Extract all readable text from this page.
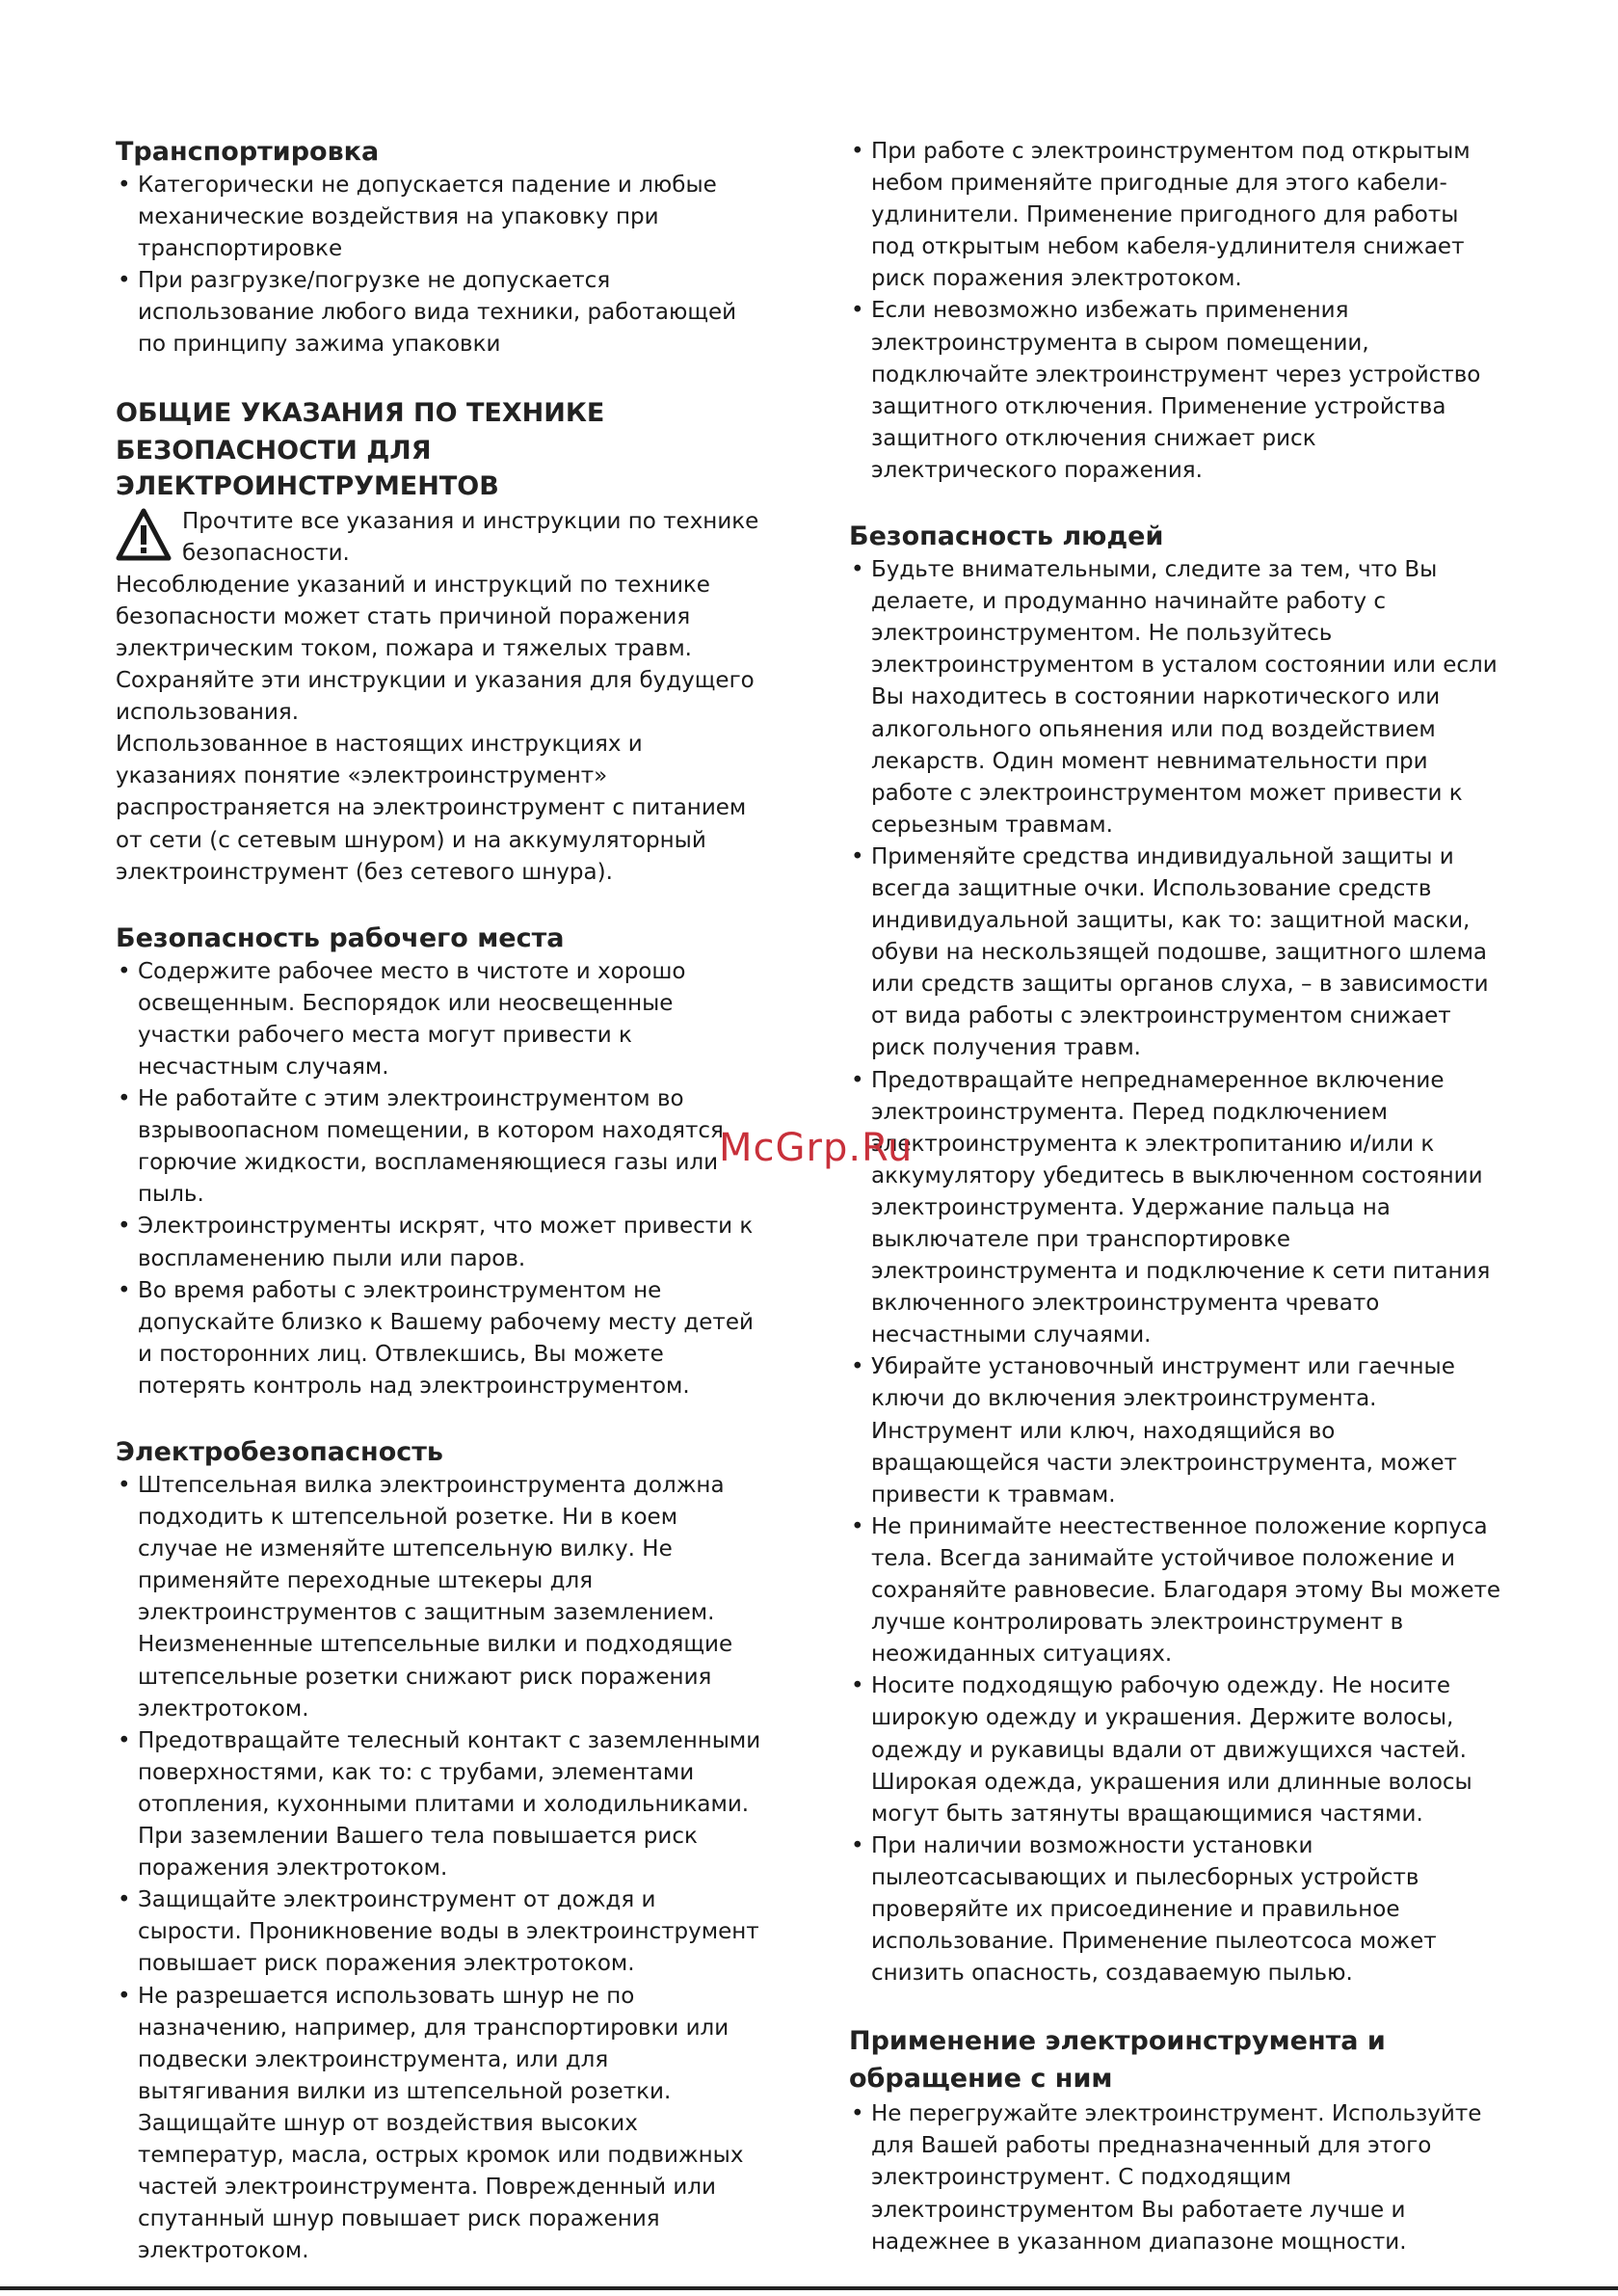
Транспортировка
• Категорически не допускается падение и любые механические воздействия на упаковку при транспортировке
• При разгрузке/погрузке не допускается использование любого вида техники, работающей по принципу зажима упаковки
ОБЩИЕ УКАЗАНИЯ ПО ТЕХНИКЕ
БЕЗОПАСНОСТИ ДЛЯ ЭЛЕКТРОИНСТРУМЕНТОВ
Прочтите все указания и инструкции по технике безопасности.

Несоблюдение указаний и инструкций по технике безопасности может стать причиной поражения электрическим током, пожара и тяжелых травм.

Сохраняйте эти инструкции и указания для будущего использования.

Использованное в настоящих инструкциях и указаниях понятие «электроинструмент» распространяется на электроинструмент с питанием от сети (с сетевым шнуром) и на аккумуляторный электроинструмент (без сетевого шнура).

Безопасность рабочего места
• Содержите рабочее место в чистоте и хорошо освещенным. Беспорядок или неосвещенные участки рабочего места могут привести к несчастным случаям.
• Не работайте с этим электроинструментом во взрывоопасном помещении, в котором находятся горючие жидкости, воспламеняющиеся газы или пыль.
• Электроинструменты искрят, что может привести к воспламенению пыли или паров.
• Во время работы с электроинструментом не допускайте близко к Вашему рабочему месту детей и посторонних лиц. Отвлекшись, Вы можете потерять контроль над электроинструментом.
Электробезопасность
• Штепсельная вилка электроинструмента должна подходить к штепсельной розетке. Ни в коем случае не изменяйте штепсельную вилку. Не применяйте переходные штекеры для электроинструментов с защитным заземлением. Неизмененные штепсельные вилки и подходящие штепсельные розетки снижают риск поражения электротоком.
• Предотвращайте телесный контакт с заземленными поверхностями, как то: с трубами, элементами отопления, кухонными плитами и холодильниками. При заземлении Вашего тела повышается риск поражения электротоком.
• Защищайте электроинструмент от дождя и сырости. Проникновение воды в электроинструмент повышает риск поражения электротоком.
• Не разрешается использовать шнур не по назначению, например, для транспортировки или подвески электроинструмента, или для вытягивания вилки из штепсельной розетки. Защищайте шнур от воздействия высоких температур, масла, острых кромок или подвижных частей электроинструмента. Поврежденный или спутанный шнур повышает риск поражения электротоком.
• При работе с электроинструментом под открытым небом применяйте пригодные для этого кабели-удлинители. Применение пригодного для работы под открытым небом кабеля-удлинителя снижает риск поражения электротоком.
• Если невозможно избежать применения электроинструмента в сыром помещении, подключайте электроинструмент через устройство защитного отключения. Применение устройства защитного отключения снижает риск электрического поражения.
Безопасность людей
• Будьте внимательными, следите за тем, что Вы делаете, и продуманно начинайте работу с электроинструментом. Не пользуйтесь электроинструментом в усталом состоянии или если Вы находитесь в состоянии наркотического или алкогольного опьянения или под воздействием лекарств. Один момент невнимательности при работе с электроинструментом может привести к серьезным травмам.
• Применяйте средства индивидуальной защиты и всегда защитные очки. Использование средств индивидуальной защиты, как то: защитной маски, обуви на нескользящей подошве, защитного шлема или средств защиты органов слуха, – в зависимости от вида работы с электроинструментом снижает риск получения травм.
• Предотвращайте непреднамеренное включение электроинструмента. Перед подключением электроинструмента к электропитанию и/или к аккумулятору убедитесь в выключенном состоянии электроинструмента. Удержание пальца на выключателе при транспортировке электроинструмента и подключение к сети питания включенного электроинструмента чревато несчастными случаями.
• Убирайте установочный инструмент или гаечные ключи до включения электроинструмента. Инструмент или ключ, находящийся во вращающейся части электроинструмента, может привести к травмам.
• Не принимайте неестественное положение корпуса тела. Всегда занимайте устойчивое положение и сохраняйте равновесие. Благодаря этому Вы можете лучше контролировать электроинструмент в неожиданных ситуациях.
• Носите подходящую рабочую одежду. Не носите широкую одежду и украшения. Держите волосы, одежду и рукавицы вдали от движущихся частей. Широкая одежда, украшения или длинные волосы могут быть затянуты вращающимися частями.
• При наличии возможности установки пылеотсасывающих и пылесборных устройств проверяйте их присоединение и правильное использование. Применение пылеотсоса может снизить опасность, создаваемую пылью.
Применение электроинструмента и
обращение с ним
• Не перегружайте электроинструмент. Используйте для Вашей работы предназначенный для этого электроинструмент. С подходящим электроинструментом Вы работаете лучше и надежнее в указанном диапазоне мощности.
McGrp.Ru
